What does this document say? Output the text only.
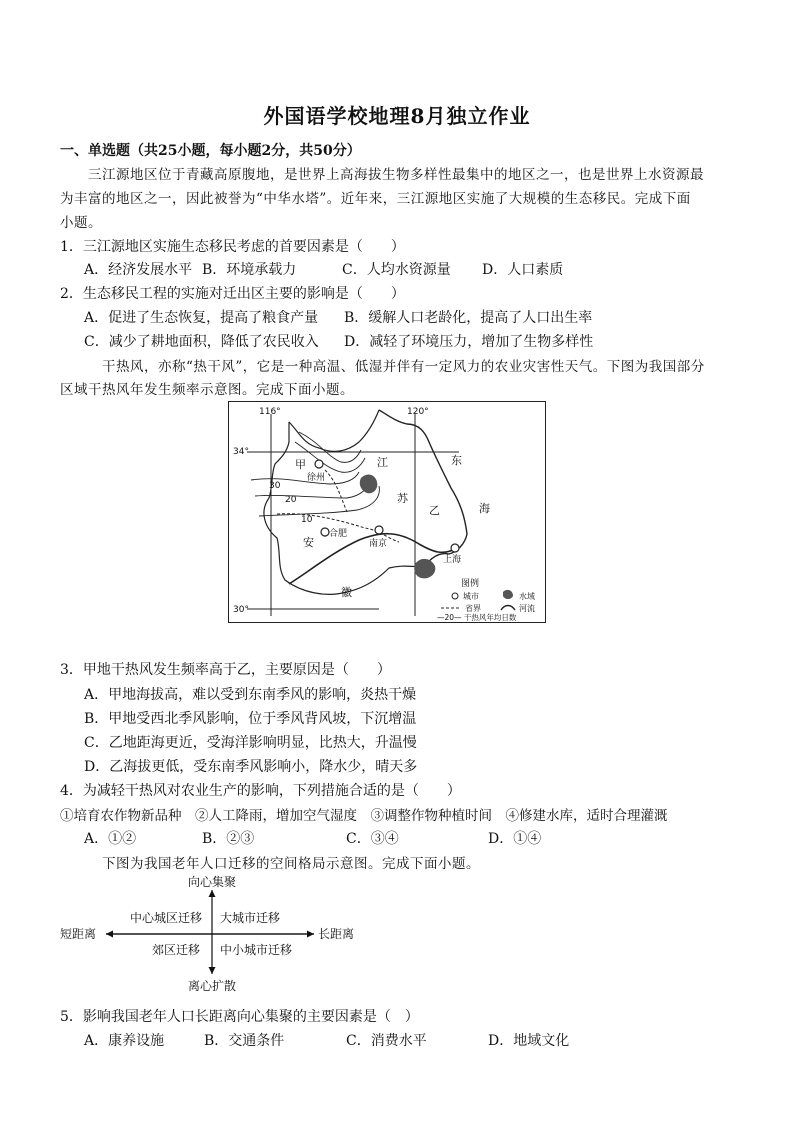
外国语学校地理8月独立作业
一、单选题（共25小题，每小题2分，共50分）
三江源地区位于青藏高原腹地，是世界上高海拔生物多样性最集中的地区之一，也是世界上水资源最
为丰富的地区之一，因此被誉为“中华水塔”。近年来，三江源地区实施了大规模的生态移民。完成下面
小题。
1．三江源地区实施生态移民考虑的首要因素是（　　）
A．经济发展水平 B．环境承载力	C．人均水资源量 D．人口素质
2．生态移民工程的实施对迁出区主要的影响是（　　）
A．促进了生态恢复，提高了粮食产量 B．缓解人口老龄化，提高了人口出生率
C．减少了耕地面积，降低了农民收入 D．减轻了环境压力，增加了生物多样性
干热风，亦称“热干风”，它是一种高温、低湿并伴有一定风力的农业灾害性天气。下图为我国部分
区域干热风年发生频率示意图。完成下面小题。
116°	120°
34°
30°
30
20
10
甲
乙
徐州
合肥
南京
上海
江
苏
安
徽
东
海
图例
城市	水域
省界	河流
—20— 干热风年均日数
3．甲地干热风发生频率高于乙，主要原因是（　　）
A．甲地海拔高，难以受到东南季风的影响，炎热干燥
B．甲地受西北季风影响，位于季风背风坡，下沉增温
C．乙地距海更近，受海洋影响明显，比热大，升温慢
D．乙海拔更低，受东南季风影响小，降水少，晴天多
4．为减轻干热风对农业生产的影响，下列措施合适的是（　　）
①培育农作物新品种　②人工降雨，增加空气湿度　③调整作物种植时间　④修建水库，适时合理灌溉
A．①②	B．②③	C．③④	D．①④
下图为我国老年人口迁移的空间格局示意图。完成下面小题。
向心集聚
离心扩散
短距离	长距离
中心城区迁移 大城市迁移
郊区迁移 中小城市迁移
5．影响我国老年人口长距离向心集聚的主要因素是（　）
A．康养设施	B．交通条件	C．消费水平	D．地域文化
